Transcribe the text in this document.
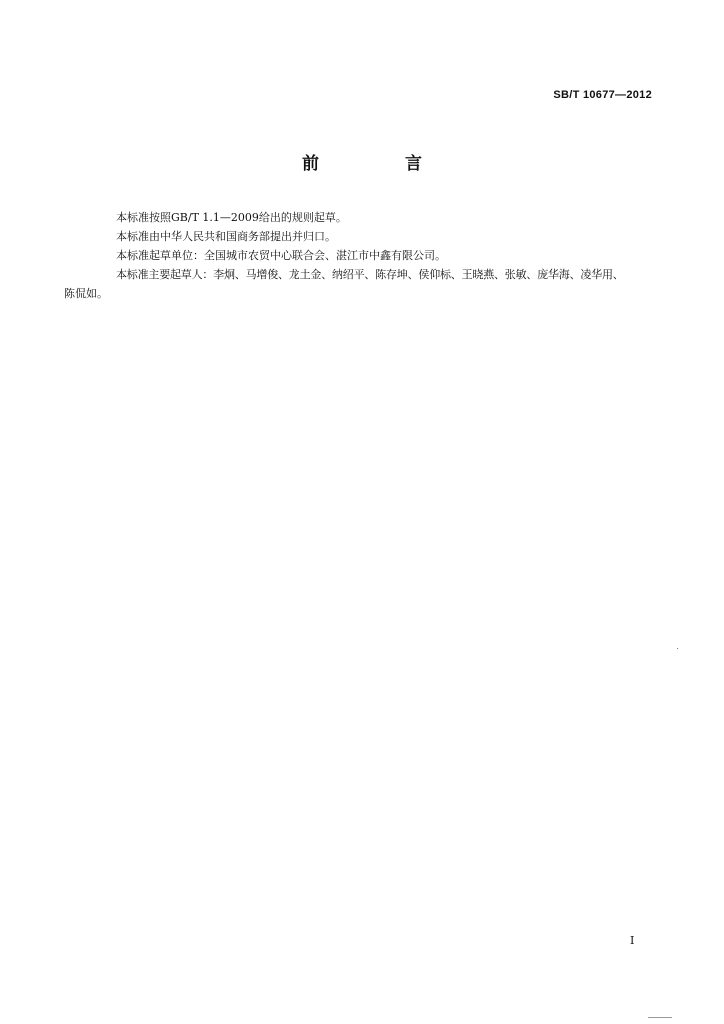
SB/T 10677—2012
前 言

本标准按照GB/T 1.1—2009给出的规则起草。

本标准由中华人民共和国商务部提出并归口。

本标准起草单位：全国城市农贸中心联合会、湛江市中鑫有限公司。

本标准主要起草人：李炯、马增俊、龙土金、纳绍平、陈存坤、侯仰标、王晓燕、张敏、庞华海、凌华用、
陈侃如。

I
